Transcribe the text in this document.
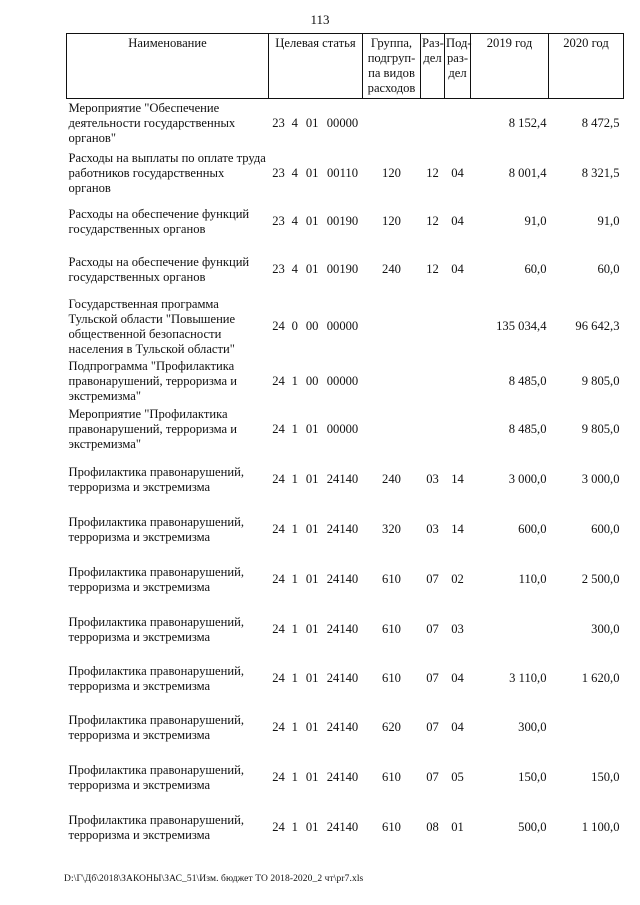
113
Наименование	Целевая статья	Группа, подгруп-па видов расходов	Раз-дел	Под-раз-дел	2019 год	2020 год
Мероприятие "Обеспечение деятельности государственных органов"	23 4 01 00000				8 152,4	8 472,5
Расходы на выплаты по оплате труда работников государственных органов	23 4 01 00110	120	12	04	8 001,4	8 321,5
Расходы на обеспечение функций государственных органов	23 4 01 00190	120	12	04	91,0	91,0
Расходы на обеспечение функций государственных органов	23 4 01 00190	240	12	04	60,0	60,0
Государственная программа Тульской области "Повышение общественной безопасности населения в Тульской области"	24 0 00 00000				135 034,4	96 642,3
Подпрограмма "Профилактика правонарушений, терроризма и экстремизма"	24 1 00 00000				8 485,0	9 805,0
Мероприятие "Профилактика правонарушений, терроризма и экстремизма"	24 1 01 00000				8 485,0	9 805,0
Профилактика правонарушений, терроризма и экстремизма	24 1 01 24140	240	03	14	3 000,0	3 000,0
Профилактика правонарушений, терроризма и экстремизма	24 1 01 24140	320	03	14	600,0	600,0
Профилактика правонарушений, терроризма и экстремизма	24 1 01 24140	610	07	02	110,0	2 500,0
Профилактика правонарушений, терроризма и экстремизма	24 1 01 24140	610	07	03		300,0
Профилактика правонарушений, терроризма и экстремизма	24 1 01 24140	610	07	04	3 110,0	1 620,0
Профилактика правонарушений, терроризма и экстремизма	24 1 01 24140	620	07	04	300,0	
Профилактика правонарушений, терроризма и экстремизма	24 1 01 24140	610	07	05	150,0	150,0
Профилактика правонарушений, терроризма и экстремизма	24 1 01 24140	610	08	01	500,0	1 100,0
D:\Г\Дб\2018\ЗАКОНЫ\ЗАС_51\Изм. бюджет ТО 2018-2020_2 чт\pr7.xls
